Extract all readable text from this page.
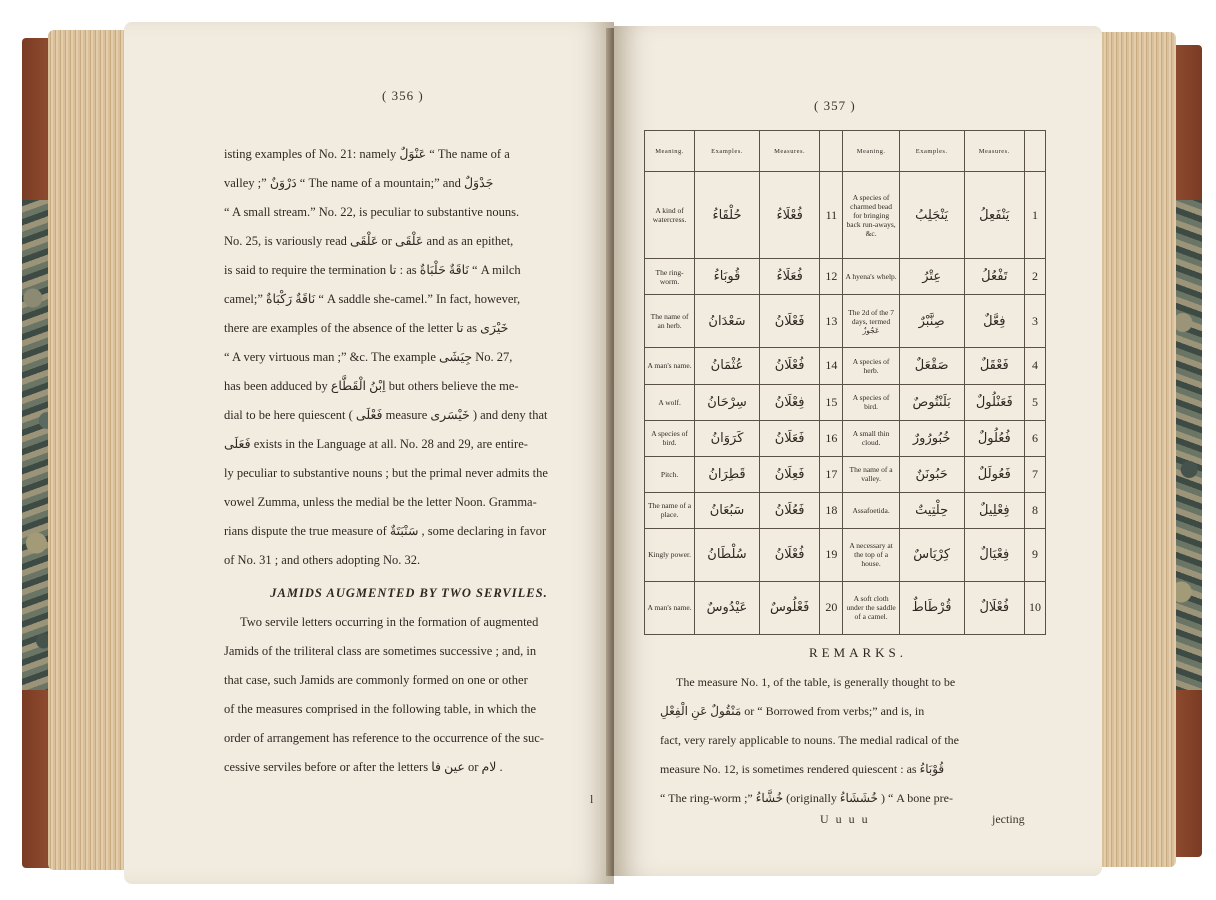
( 356 )
isting examples of No. 21: namely عَنْوَلٌ “ The name of a
valley ;” دَرْوَنٌ “ The name of a mountain;” and جَدْوَلٌ
“ A small stream.” No. 22, is peculiar to substantive nouns.
No. 25, is variously read عَلْقَى or عَلْقَى and as an epithet,
is said to require the termination تا : as نَاقَةٌ حَلْبَاةٌ “ A milch
camel;” نَاقَةٌ رَكْبَاةٌ “ A saddle she-camel.” In fact, however,
there are examples of the absence of the letter تا as خَيْرَى
“ A very virtuous man ;” &c. The example جِيَشَى No. 27,
has been adduced by اِبْنُ الْقَطَّاع but others believe the me-
dial to be here quiescent ( فَعْلَى measure خَيْسَرى ) and deny that
فَعَلَى exists in the Language at all. No. 28 and 29, are entire-
ly peculiar to substantive nouns ; but the primal never admits the
vowel Zumma, unless the medial be the letter Noon. Gramma-
rians dispute the true measure of سَنْبَتَةٌ , some declaring in favor
of No. 31 ; and others adopting No. 32.
JAMIDS AUGMENTED BY TWO SERVILES.
Two servile letters occurring in the formation of augmented
Jamids of the triliteral class are sometimes successive ; and, in
that case, such Jamids are commonly formed on one or other
of the measures comprised in the following table, in which the
order of arrangement has reference to the occurrence of the suc-
cessive serviles before or after the letters عين فا or لام .
l
( 357 )
Meaning.	Examples.	Measures.		Meaning.	Examples.	Measures.	
A kind of watercress.	حُلْقَاءُ	فُعْلَاءُ	11	A species of charmed bead for bringing back run-aways, &c.	يَنْجَلِبُ	يَنْفَعِلُ	1
The ring-worm.	قُوبَاءُ	فُعَلَاءُ	12	A hyena's whelp.	عِتْرُ	تَفْعُلُ	2
The name of an herb.	سَعْدَانُ	فَعْلَانُ	13	The 2d of the 7 days, termed عَجُوزٌ	صِنَّبْرٌ	فِعَّلٌ	3
A man's name.	عُثْمَانُ	فُعْلَانُ	14	A species of herb.	صَقْعَلٌ	فَعْقَلٌ	4
A wolf.	سِرْحَانُ	فِعْلَانُ	15	A species of bird.	بَلَنْتُوصٌ	فَعَنْلُولٌ	5
A species of bird.	كَرَوَانُ	فَعَلَانُ	16	A small thin cloud.	خُبُورُورٌ	فُعُلُولٌ	6
Pitch.	قَطِرَانُ	فَعِلَانُ	17	The name of a valley.	حَبُونَنٌ	فَعُولَلٌ	7
The name of a place.	سَبُعَانُ	فَعُلَانُ	18	Assafoetida.	حِلْتِيتٌ	فِعْلِيلٌ	8
Kingly power.	سُلْطَانُ	فُعْلَانُ	19	A necessary at the top of a house.	كِرْيَاسٌ	فِعْيَالٌ	9
A man's name.	عَيْدُوسٌ	فَعْلُوسٌ	20	A soft cloth under the saddle of a camel.	قُرْطَاطٌ	فُعْلَالٌ	10
REMARKS.
The measure No. 1, of the table, is generally thought to be
مَنْقُولٌ عَنِ الْفِعْلِ or “ Borrowed from verbs;” and is, in
fact, very rarely applicable to nouns. The medial radical of the
measure No. 12, is sometimes rendered quiescent : as قُوْبَاءُ
“ The ring-worm ;” خُشَّاءُ (originally خُشَشَاءُ ) “ A bone pre-
U u u u	jecting
